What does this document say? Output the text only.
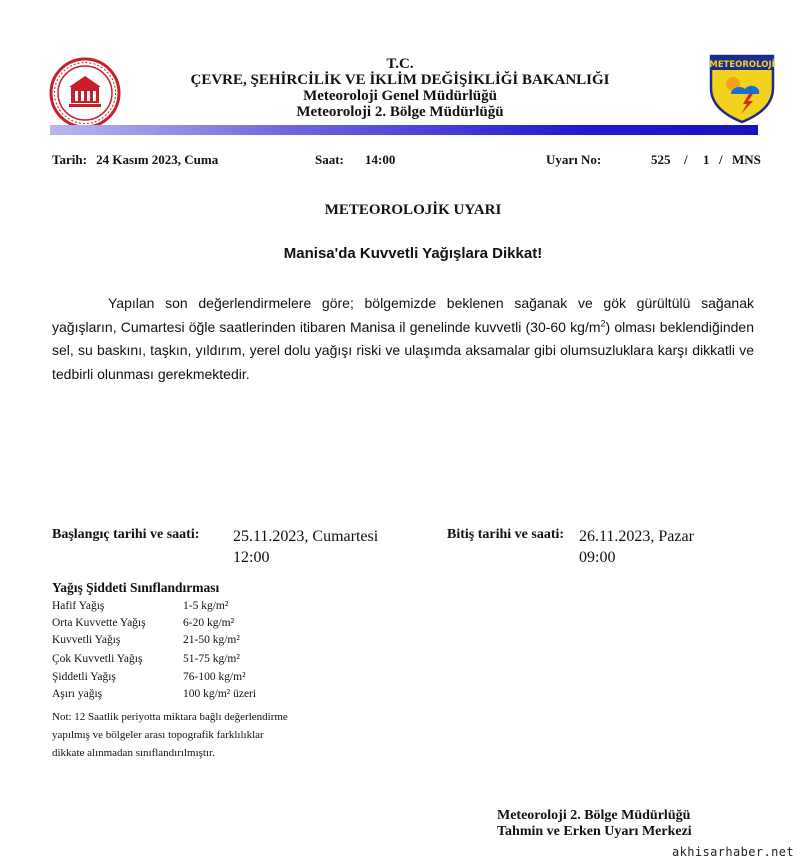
T.C.
ÇEVRE, ŞEHİRCİLİK VE İKLİM DEĞİŞİKLİĞİ BAKANLIĞI
Meteoroloji Genel Müdürlüğü
Meteoroloji 2. Bölge Müdürlüğü
METEOROLOJİ
Tarih: 24 Kasım 2023, Cuma	Saat: 14:00	Uyarı No:	525 / 1 / MNS
METEOROLOJİK UYARI
Manisa'da Kuvvetli Yağışlara Dikkat!
Yapılan son değerlendirmelere göre; bölgemizde beklenen sağanak ve gök gürültülü sağanak yağışların, Cumartesi öğle saatlerinden itibaren Manisa il genelinde kuvvetli (30-60 $kg/m^2$) olması beklendiğinden sel, su baskını, taşkın, yıldırım, yerel dolu yağışı riski ve ulaşımda aksamalar gibi olumsuzluklara karşı dikkatli ve tedbirli olunması gerekmektedir.
Başlangıç tarihi ve saati: 25.11.2023, Cumartesi
12:00
Bitiş tarihi ve saati: 26.11.2023, Pazar
09:00
Yağış Şiddeti Sınıflandırması
Hafif Yağış	1-5 kg/m²
Orta Kuvvette Yağış	6-20 kg/m²
Kuvvetli Yağış	21-50 kg/m²
Çok Kuvvetli Yağış	51-75 kg/m²
Şiddetli Yağış	76-100 kg/m²
Aşırı yağış	100 kg/m² üzeri
Not: 12 Saatlik periyotta miktara bağlı değerlendirme
yapılmış ve bölgeler arası topografik farklılıklar
dikkate alınmadan sınıflandırılmıştır.
Meteoroloji 2. Bölge Müdürlüğü
Tahmin ve Erken Uyarı Merkezi
akhisarhaber.net
